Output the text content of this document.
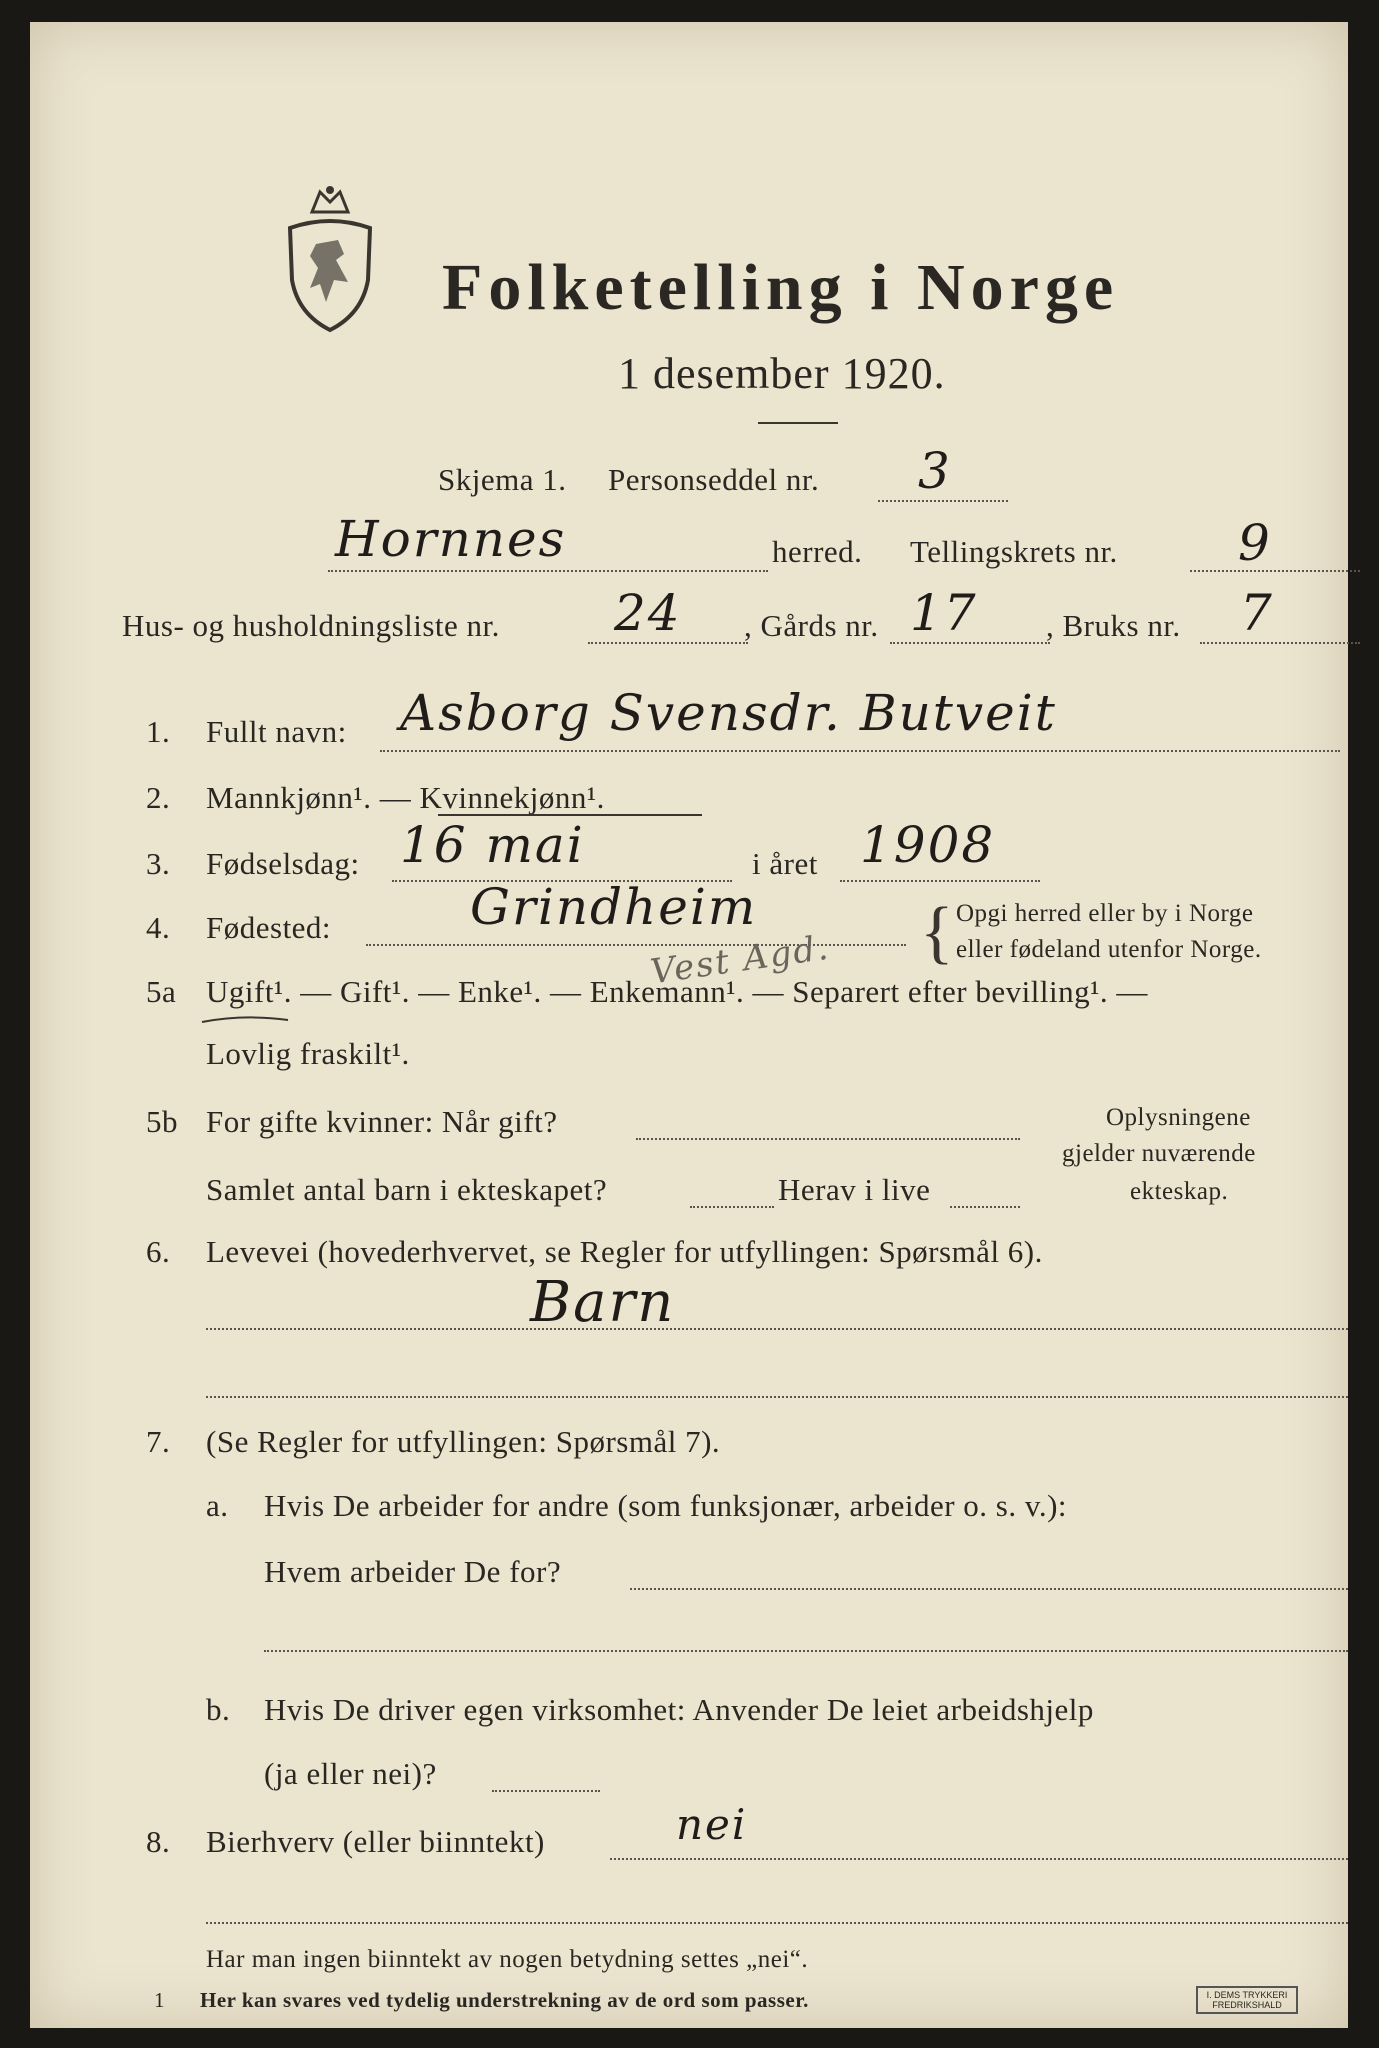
Folketelling i Norge
1 desember 1920.
Skjema 1. Personseddel nr. 3
Hornnes	herred. Tellingskrets nr. 9
Hus- og husholdningsliste nr. 24 , Gårds nr. 17 , Bruks nr. 7
1. Fullt navn: Asborg Svensdr. Butveit
2. Mannkjønn¹. — Kvinnekjønn¹.
3. Fødselsdag: 16 mai	i året 1908
4. Fødested:	Grindheim { Opgi herred eller by i Norge
eller fødeland utenfor Norge.
Vest Agd.
5a Ugift¹. — Gift¹. — Enke¹. — Enkemann¹. — Separert efter bevilling¹. —
Lovlig fraskilt¹.
5b For gifte kvinner: Når gift?
Samlet antal barn i ekteskapet?	Herav i live
Oplysningene
gjelder nuværende
ekteskap.
6. Levevei (hovederhvervet, se Regler for utfyllingen: Spørsmål 6).
Barn
7. (Se Regler for utfyllingen: Spørsmål 7).
a. Hvis De arbeider for andre (som funksjonær, arbeider o. s. v.):
Hvem arbeider De for?
b. Hvis De driver egen virksomhet: Anvender De leiet arbeidshjelp
(ja eller nei)?
8. Bierhverv (eller biinntekt)	nei
Har man ingen biinntekt av nogen betydning settes „nei“.
1 Her kan svares ved tydelig understrekning av de ord som passer.	I. DEMS TRYKKERI FREDRIKSHALD
